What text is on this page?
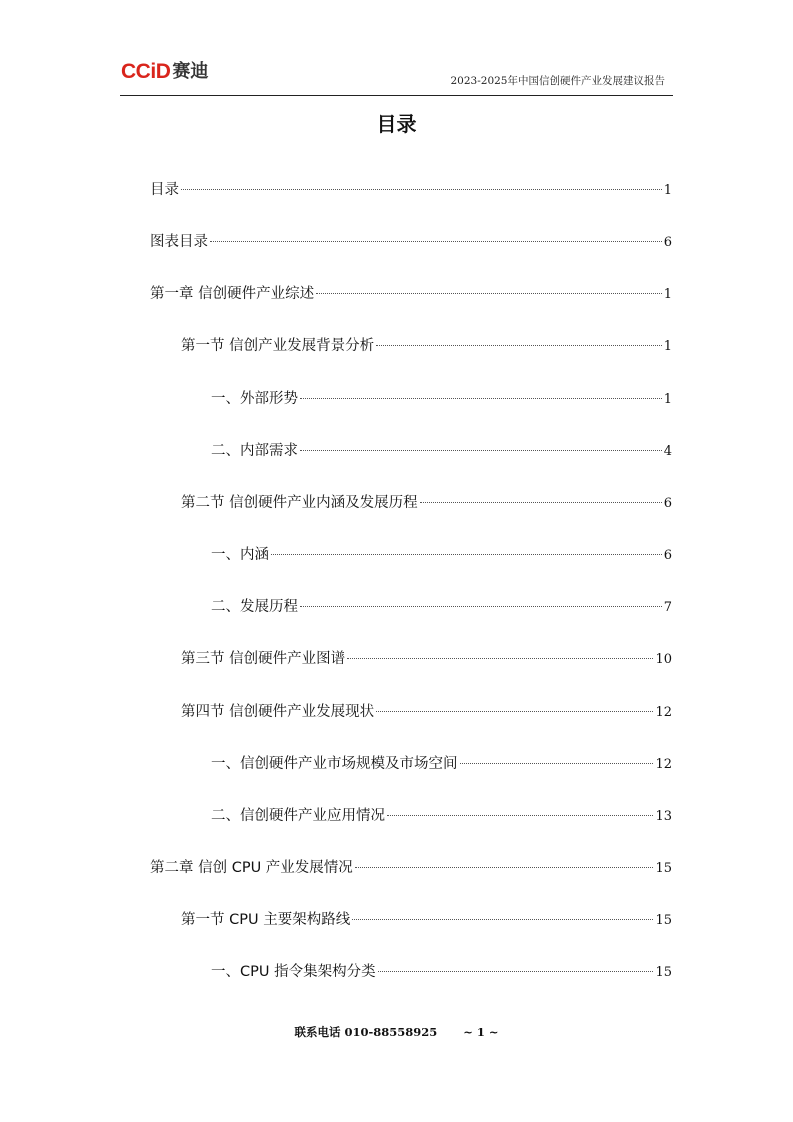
CCiD 赛迪	2023-2025年中国信创硬件产业发展建议报告
目录
目录	1
图表目录	6
第一章 信创硬件产业综述	1
第一节 信创产业发展背景分析	1
一、外部形势	1
二、内部需求	4
第二节 信创硬件产业内涵及发展历程	6
一、内涵	6
二、发展历程	7
第三节 信创硬件产业图谱	10
第四节 信创硬件产业发展现状	12
一、信创硬件产业市场规模及市场空间	12
二、信创硬件产业应用情况	13
第二章 信创 CPU 产业发展情况	15
第一节 CPU 主要架构路线	15
一、CPU 指令集架构分类	15
联系电话 010-88558925 ~ 1 ~
